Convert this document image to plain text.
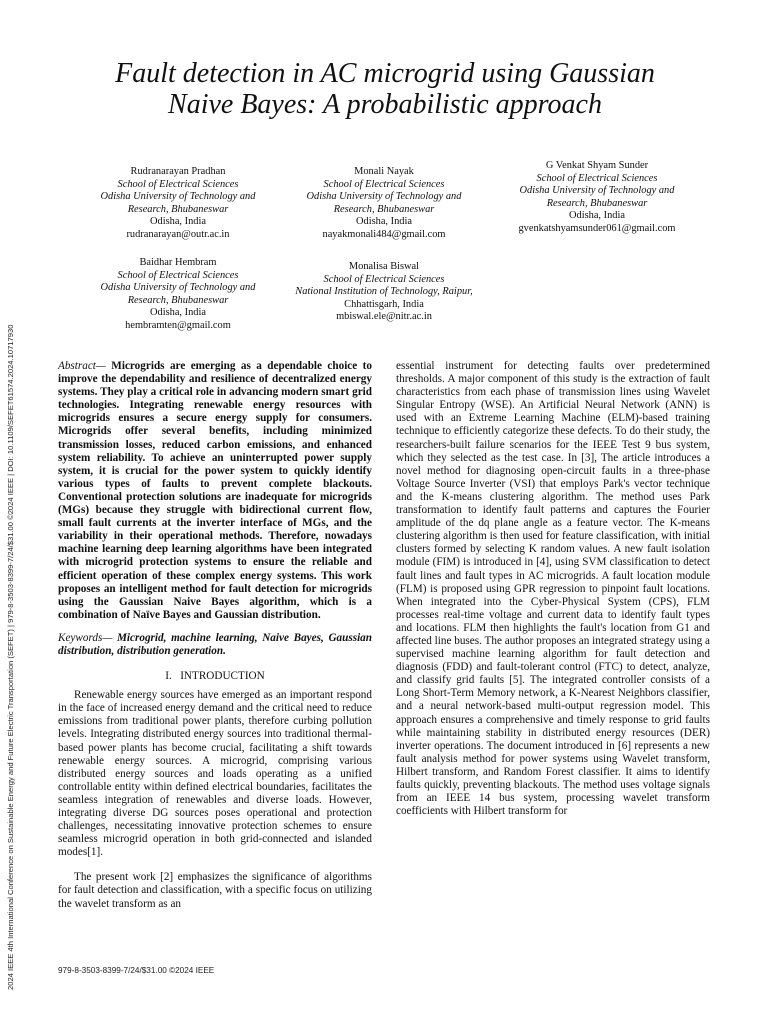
2024 IEEE 4th International Conference on Sustainable Energy and Future Electric Transportation (SEFET) | 979-8-3503-8399-7/24/$31.00 ©2024 IEEE | DOI: 10.1109/SEFET61574.2024.10717930
Fault detection in AC microgrid using Gaussian
Naive Bayes: A probabilistic approach
Rudranarayan Pradhan
School of Electrical Sciences
Odisha University of Technology and
Research, Bhubaneswar
Odisha, India
rudranarayan@outr.ac.in
Monali Nayak
School of Electrical Sciences
Odisha University of Technology and
Research, Bhubaneswar
Odisha, India
nayakmonali484@gmail.com
G Venkat Shyam Sunder
School of Electrical Sciences
Odisha University of Technology and
Research, Bhubaneswar
Odisha, India
gvenkatshyamsunder061@gmail.com
Baidhar Hembram
School of Electrical Sciences
Odisha University of Technology and
Research, Bhubaneswar
Odisha, India
hembramten@gmail.com
Monalisa Biswal
School of Electrical Sciences
National Institution of Technology, Raipur,
Chhattisgarh, India
mbiswal.ele@nitr.ac.in

Abstract— Microgrids are emerging as a dependable choice to improve the dependability and resilience of decentralized energy systems. They play a critical role in advancing modern smart grid technologies. Integrating renewable energy resources with microgrids ensures a secure energy supply for consumers. Microgrids offer several benefits, including minimized transmission losses, reduced carbon emissions, and enhanced system reliability. To achieve an uninterrupted power supply system, it is crucial for the power system to quickly identify various types of faults to prevent complete blackouts. Conventional protection solutions are inadequate for microgrids (MGs) because they struggle with bidirectional current flow, small fault currents at the inverter interface of MGs, and the variability in their operational methods. Therefore, nowadays machine learning deep learning algorithms have been integrated with microgrid protection systems to ensure the reliable and efficient operation of these complex energy systems. This work proposes an intelligent method for fault detection for microgrids using the Gaussian Naive Bayes algorithm, which is a combination of Naïve Bayes and Gaussian distribution.

Keywords— Microgrid, machine learning, Naive Bayes, Gaussian distribution, distribution generation.

I. INTRODUCTION

Renewable energy sources have emerged as an important respond in the face of increased energy demand and the critical need to reduce emissions from traditional power plants, therefore curbing pollution levels. Integrating distributed energy sources into traditional thermal-based power plants has become crucial, facilitating a shift towards renewable energy sources. A microgrid, comprising various distributed energy sources and loads operating as a unified controllable entity within defined electrical boundaries, facilitates the seamless integration of renewables and diverse loads. However, integrating diverse DG sources poses operational and protection challenges, necessitating innovative protection schemes to ensure seamless microgrid operation in both grid-connected and islanded modes[1].

The present work [2] emphasizes the significance of algorithms for fault detection and classification, with a specific focus on utilizing the wavelet transform as an

essential instrument for detecting faults over predetermined thresholds. A major component of this study is the extraction of fault characteristics from each phase of transmission lines using Wavelet Singular Entropy (WSE). An Artificial Neural Network (ANN) is used with an Extreme Learning Machine (ELM)-based training technique to efficiently categorize these defects. To do their study, the researchers-built failure scenarios for the IEEE Test 9 bus system, which they selected as the test case. In [3], The article introduces a novel method for diagnosing open-circuit faults in a three-phase Voltage Source Inverter (VSI) that employs Park's vector technique and the K-means clustering algorithm. The method uses Park transformation to identify fault patterns and captures the Fourier amplitude of the dq plane angle as a feature vector. The K-means clustering algorithm is then used for feature classification, with initial clusters formed by selecting K random values. A new fault isolation module (FIM) is introduced in [4], using SVM classification to detect fault lines and fault types in AC microgrids. A fault location module (FLM) is proposed using GPR regression to pinpoint fault locations. When integrated into the Cyber-Physical System (CPS), FLM processes real-time voltage and current data to identify fault types and locations. FLM then highlights the fault's location from G1 and affected line buses. The author proposes an integrated strategy using a supervised machine learning algorithm for fault detection and diagnosis (FDD) and fault-tolerant control (FTC) to detect, analyze, and classify grid faults [5]. The integrated controller consists of a Long Short-Term Memory network, a K-Nearest Neighbors classifier, and a neural network-based multi-output regression model. This approach ensures a comprehensive and timely response to grid faults while maintaining stability in distributed energy resources (DER) inverter operations. The document introduced in [6] represents a new fault analysis method for power systems using Wavelet transform, Hilbert transform, and Random Forest classifier. It aims to identify faults quickly, preventing blackouts. The method uses voltage signals from an IEEE 14 bus system, processing wavelet transform coefficients with Hilbert transform for

979-8-3503-8399-7/24/$31.00 ©2024 IEEE
